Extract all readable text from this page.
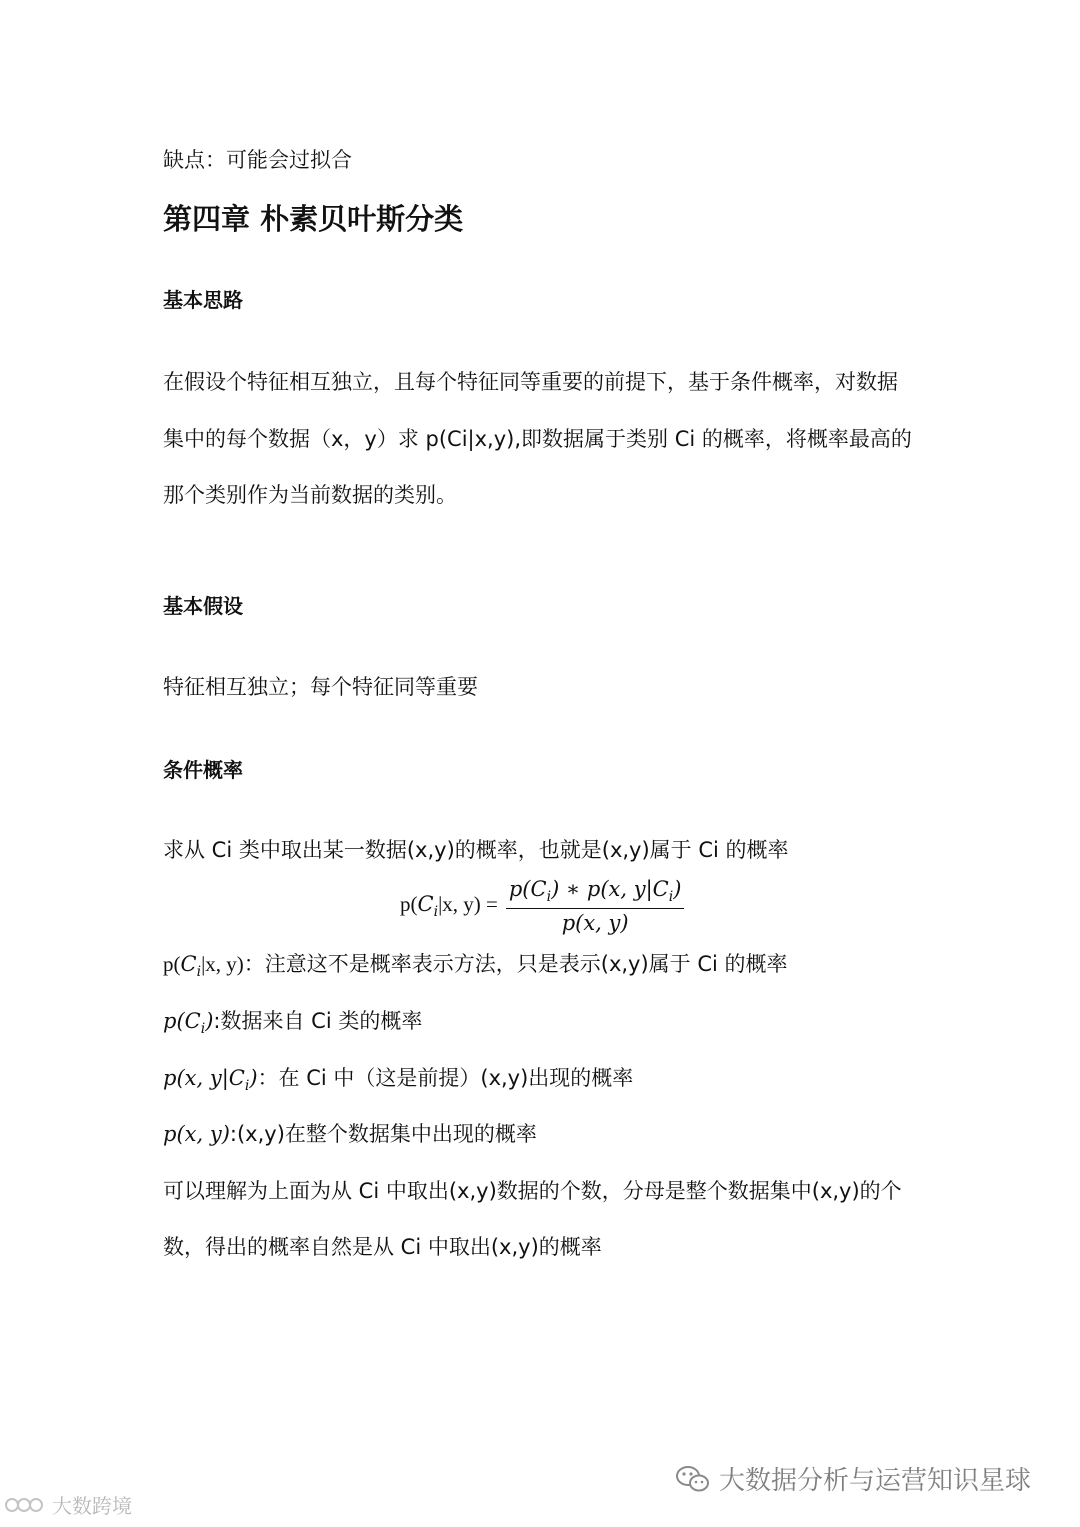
缺点：可能会过拟合
第四章 朴素贝叶斯分类
基本思路
在假设个特征相互独立，且每个特征同等重要的前提下，基于条件概率，对数据
集中的每个数据（x，y）求 p(Ci|x,y),即数据属于类别 Ci 的概率，将概率最高的
那个类别作为当前数据的类别。
基本假设
特征相互独立；每个特征同等重要
条件概率
求从 Ci 类中取出某一数据(x,y)的概率，也就是(x,y)属于 Ci 的概率
$p(C_i|x$, $y) = \frac{p(C_i) ∗ p(x, y|C_i)}{p(x, y)}$
$p(C_i|x$, y)：注意这不是概率表示方法，只是表示(x,y)属于 Ci 的概率
$p(C_i)$:数据来自 Ci 类的概率
p(x, $y|C_i$)：在 Ci 中（这是前提）(x,y)出现的概率
p(x, y):(x,y)在整个数据集中出现的概率
可以理解为上面为从 Ci 中取出(x,y)数据的个数，分母是整个数据集中(x,y)的个
数，得出的概率自然是从 Ci 中取出(x,y)的概率
大数据分析与运营知识星球
大数跨境
